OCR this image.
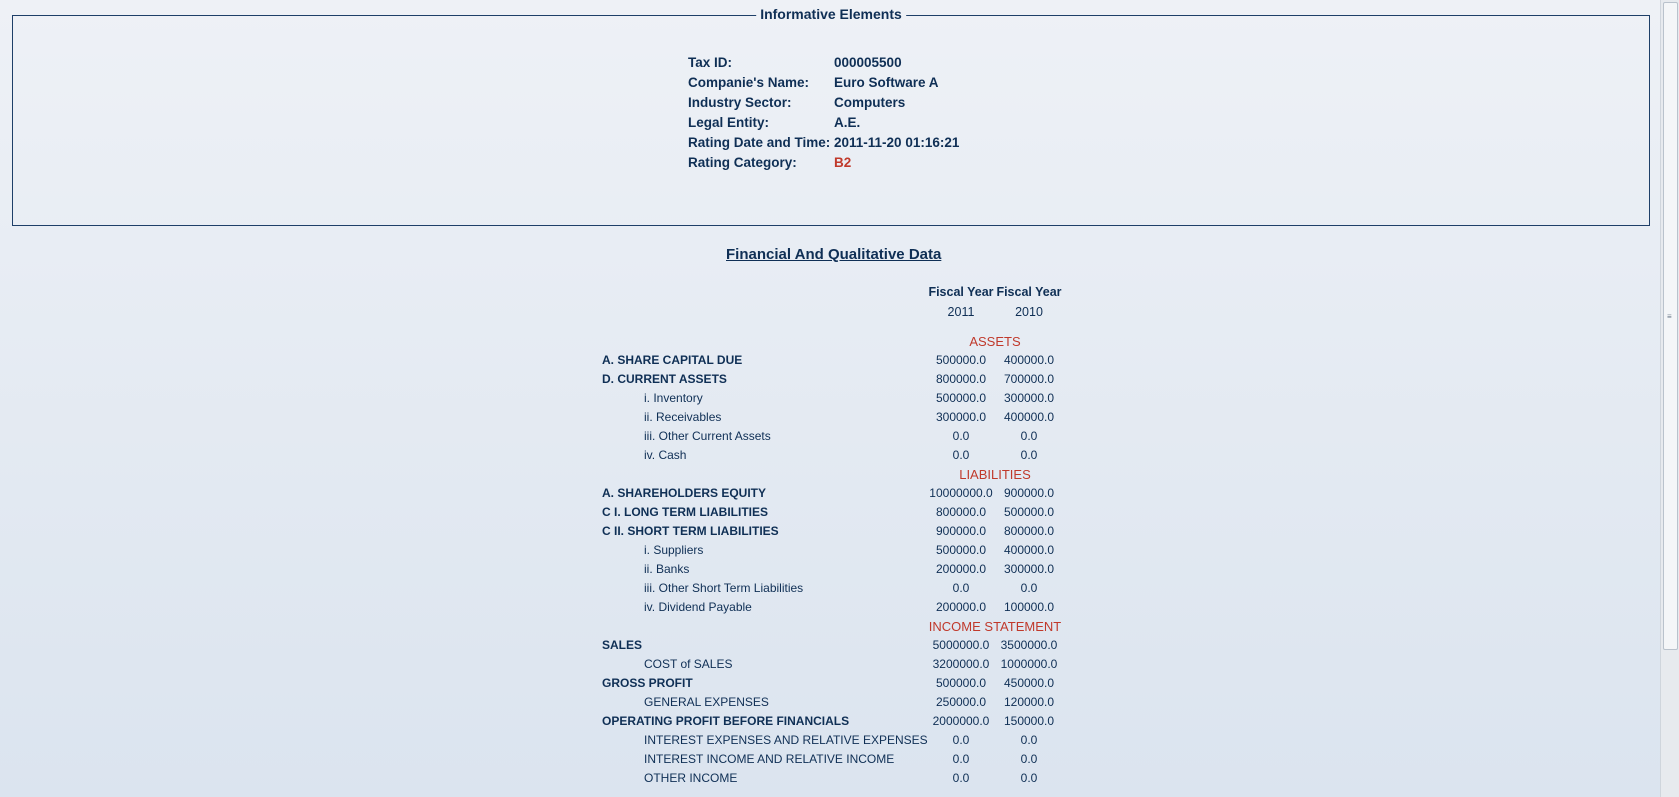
Informative Elements
Tax ID:	000005500
Companie's Name:	Euro Software A
Industry Sector:	Computers
Legal Entity:	A.E.
Rating Date and Time: 2011-11-20 01:16:21
Rating Category:	B2
Financial And Qualitative Data
Fiscal Year Fiscal Year
2011	2010
ASSETS
A. SHARE CAPITAL DUE	500000.0	400000.0
D. CURRENT ASSETS	800000.0	700000.0
i. Inventory	500000.0	300000.0
ii. Receivables	300000.0	400000.0
iii. Other Current Assets	0.0	0.0
iv. Cash	0.0	0.0
LIABILITIES
A. SHAREHOLDERS EQUITY	10000000.0 900000.0
C I. LONG TERM LIABILITIES	800000.0	500000.0
C II. SHORT TERM LIABILITIES	900000.0	800000.0
i. Suppliers	500000.0	400000.0
ii. Banks	200000.0	300000.0
iii. Other Short Term Liabilities	0.0	0.0
iv. Dividend Payable	200000.0	100000.0
INCOME STATEMENT
SALES	5000000.0 3500000.0
COST of SALES	3200000.0 1000000.0
GROSS PROFIT	500000.0	450000.0
GENERAL EXPENSES	250000.0	120000.0
OPERATING PROFIT BEFORE FINANCIALS	2000000.0	150000.0
INTEREST EXPENSES AND RELATIVE EXPENSES	0.0	0.0
INTEREST INCOME AND RELATIVE INCOME	0.0	0.0
OTHER INCOME	0.0	0.0
≡
